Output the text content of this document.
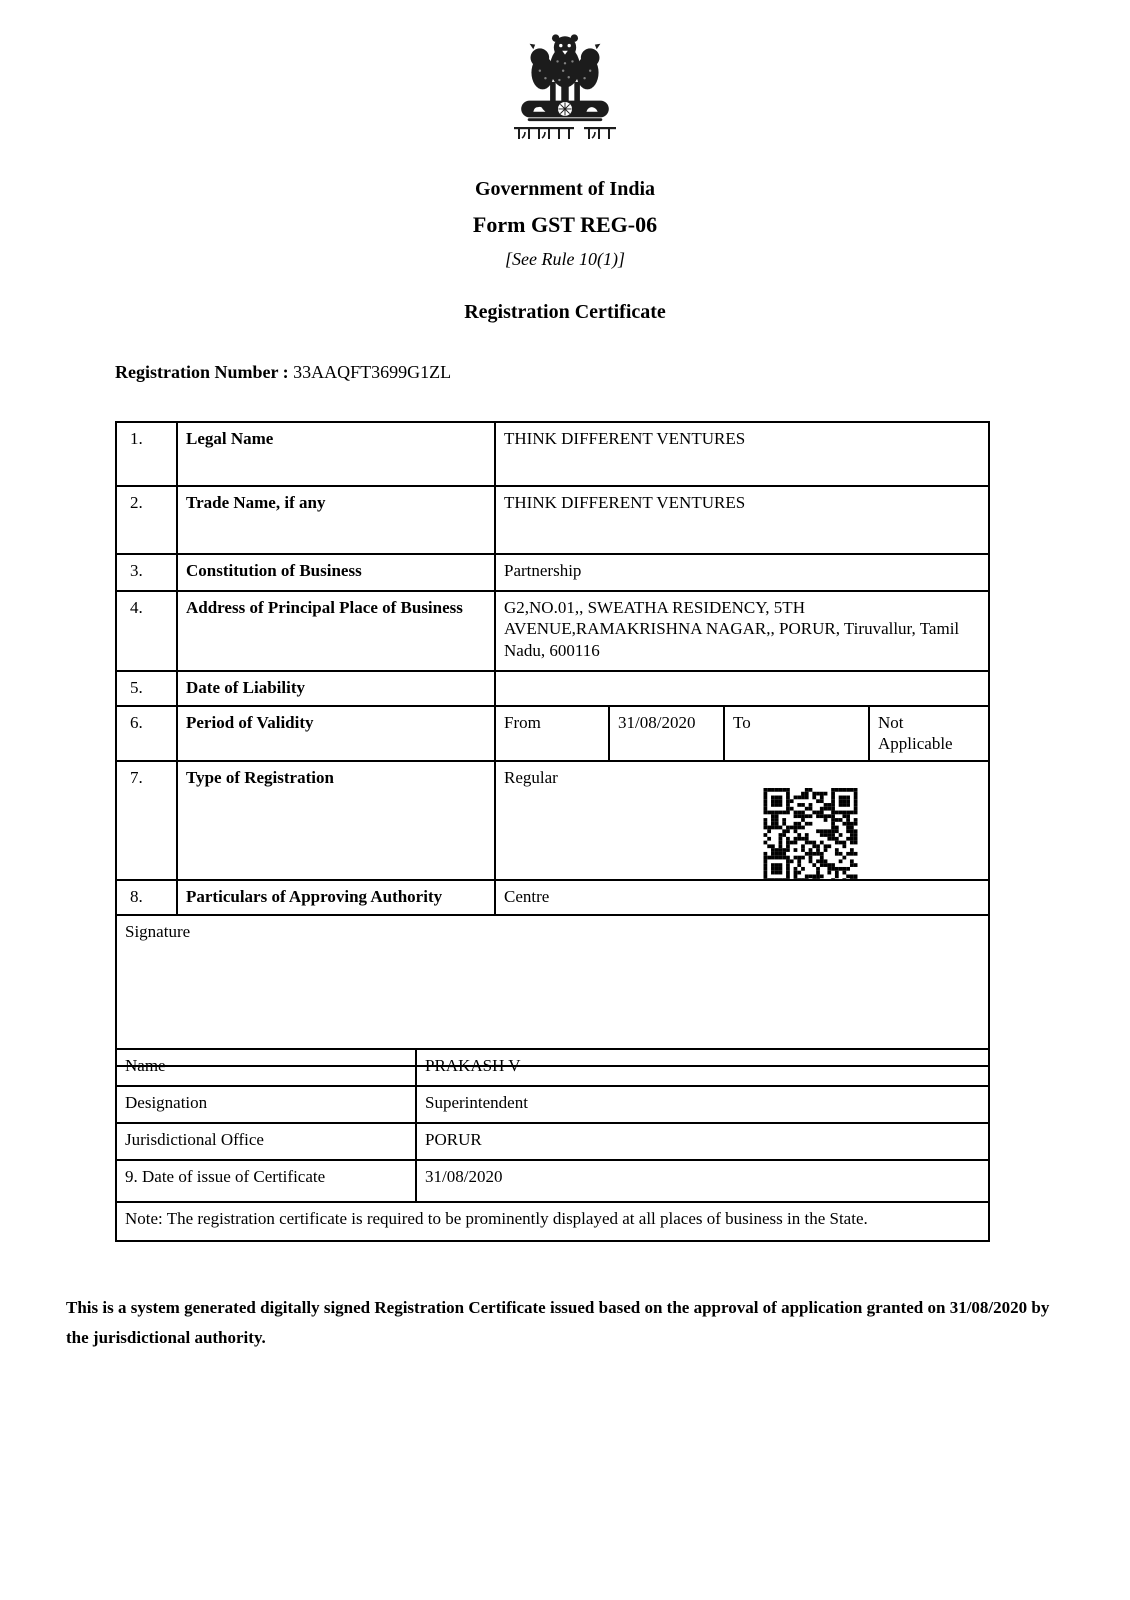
Government of India
Form GST REG-06
[See Rule 10(1)]
Registration Certificate
Registration Number : 33AAQFT3699G1ZL
1.	Legal Name	THINK DIFFERENT VENTURES			
2.	Trade Name, if any	THINK DIFFERENT VENTURES			
3.	Constitution of Business	Partnership			
4.	Address of Principal Place of Business	G2,NO.01,, SWEATHA RESIDENCY, 5TH AVENUE,RAMAKRISHNA NAGAR,, PORUR, Tiruvallur, Tamil Nadu, 600116			
5.	Date of Liability				
6.	Period of Validity	From	31/08/2020	To	Not Applicable
7.	Type of Registration	Regular			

8.	Particulars of Approving Authority	Centre			
Signature					
Name	PRAKASH V
Designation	Superintendent
Jurisdictional Office	PORUR
9. Date of issue of Certificate	31/08/2020
Note: The registration certificate is required to be prominently displayed at all places of business in the State.	
This is a system generated digitally signed Registration Certificate issued based on the approval of application granted on 31/08/2020 by the jurisdictional authority.
